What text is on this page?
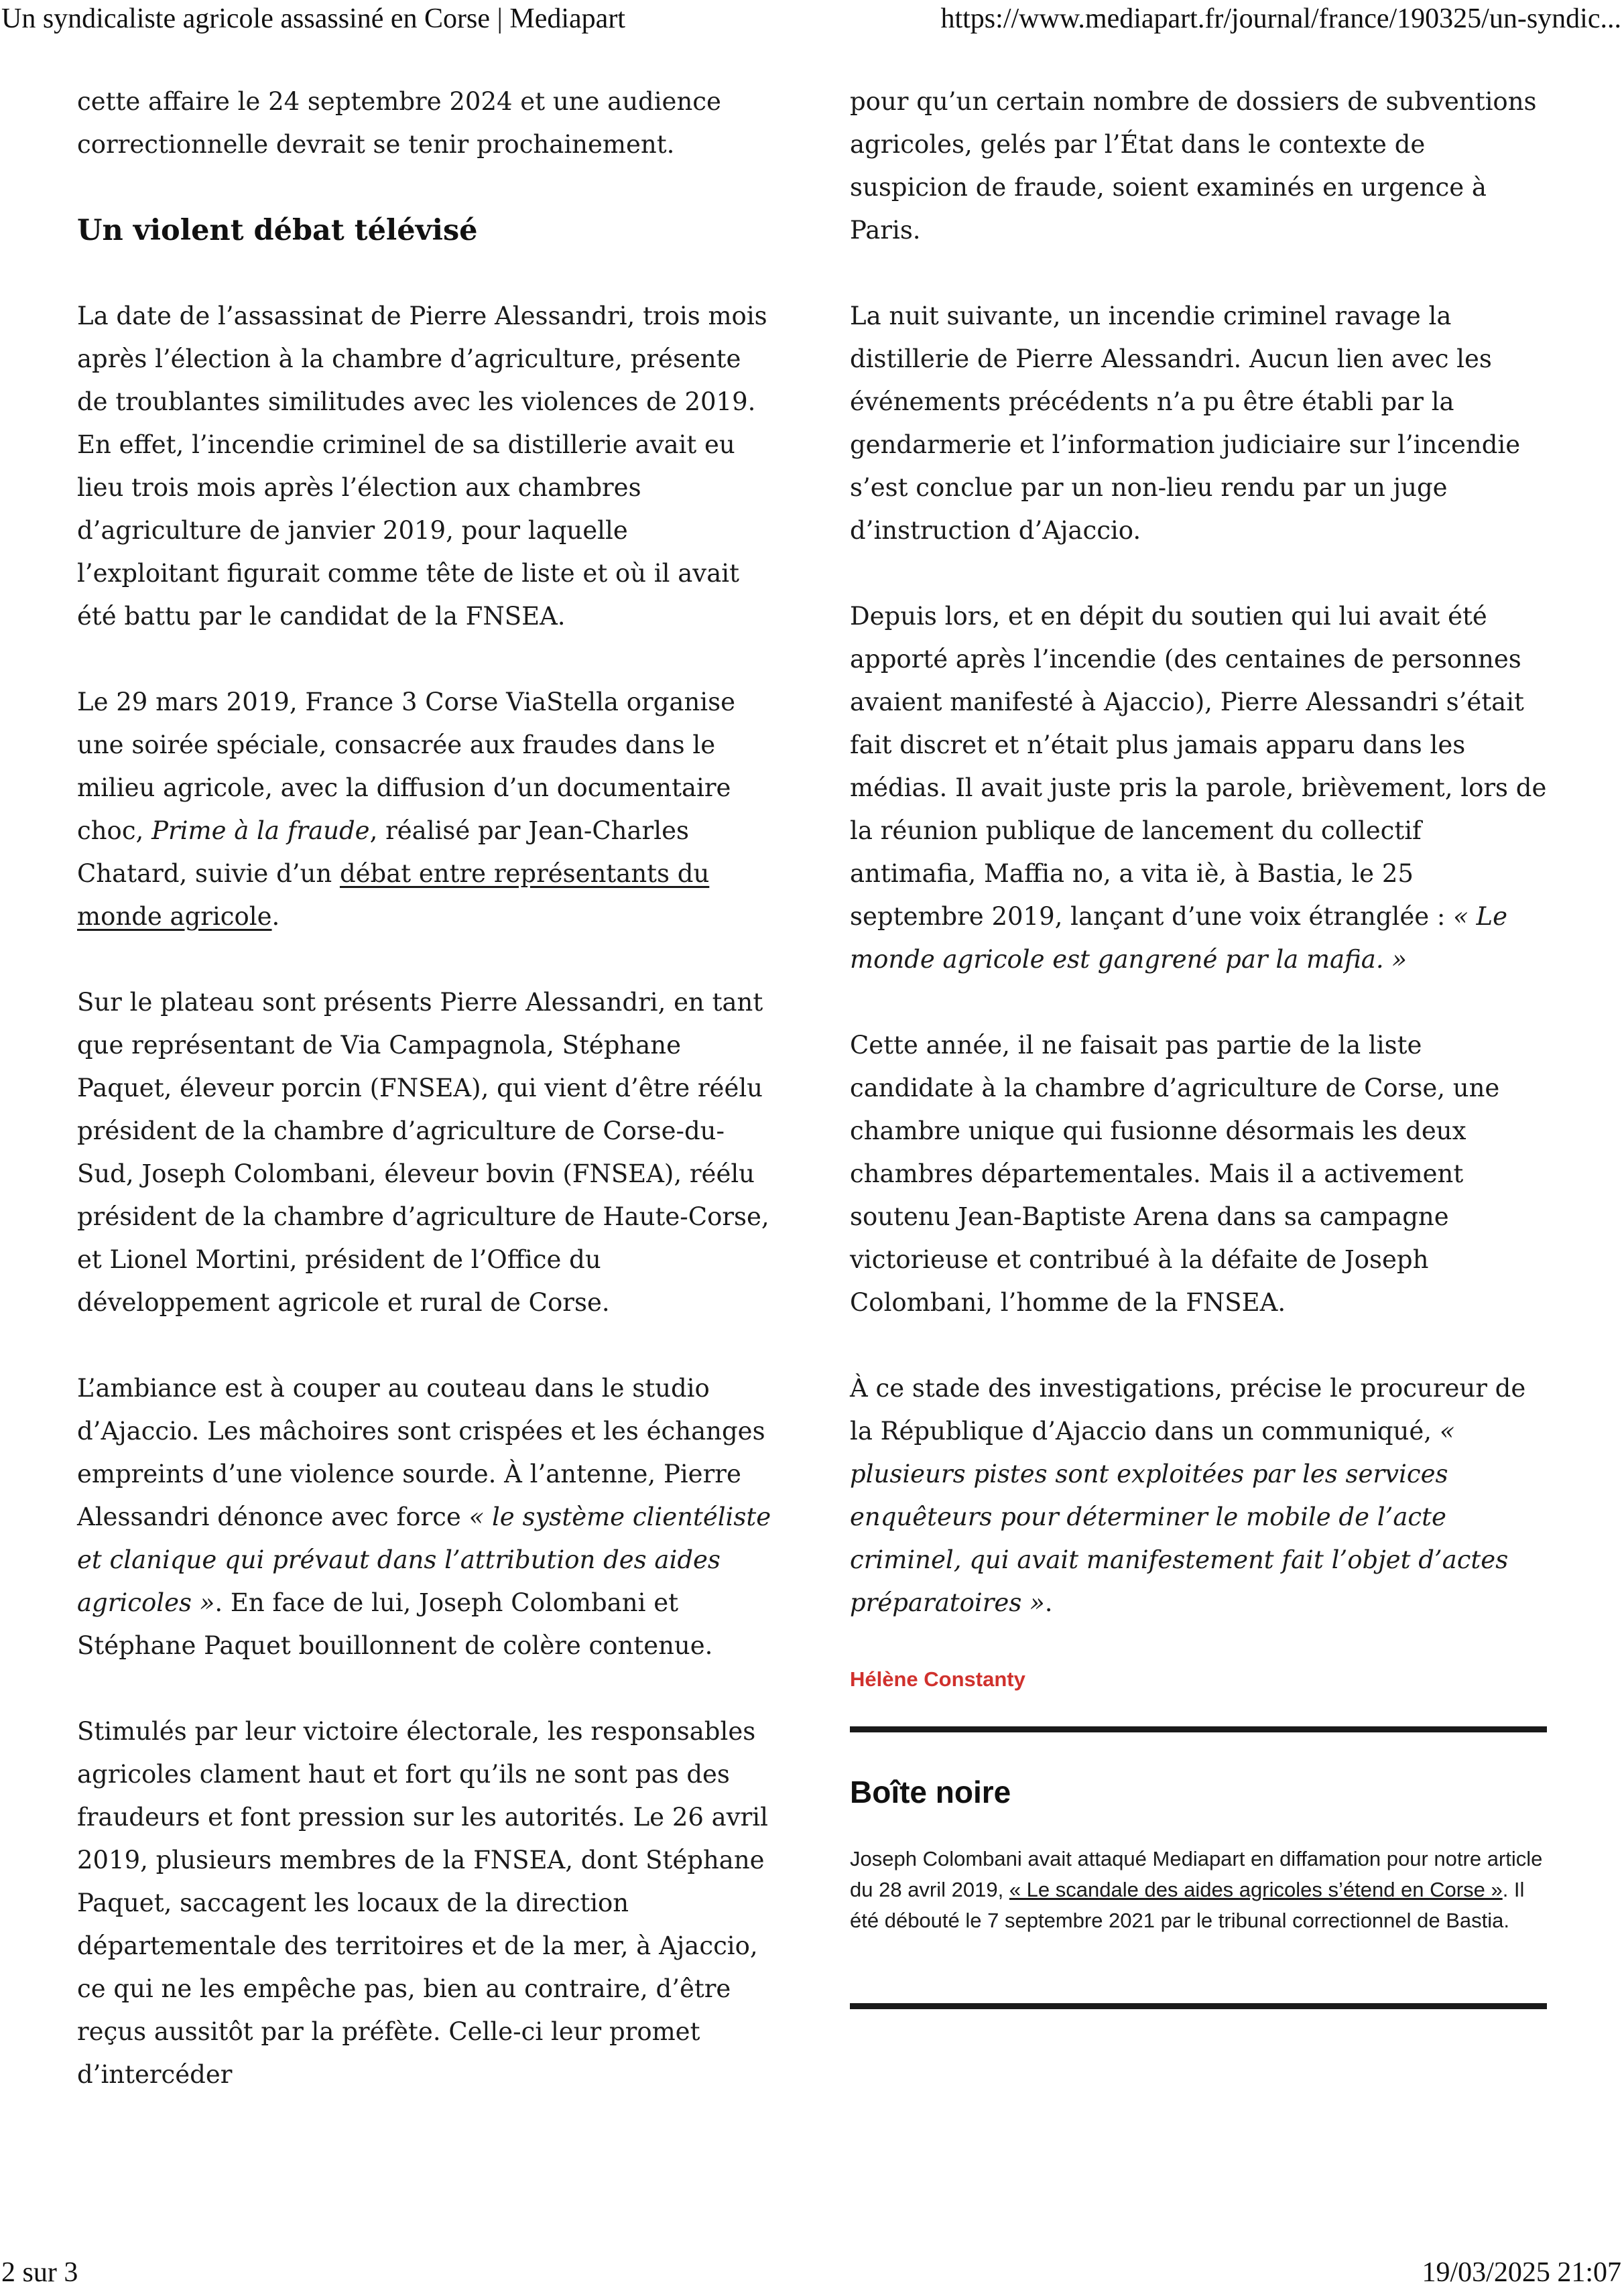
Un syndicaliste agricole assassiné en Corse | Mediapart	https://www.mediapart.fr/journal/france/190325/un-syndic...

cette affaire le 24 septembre 2024 et une audience correctionnelle devrait se tenir prochainement.

Un violent débat télévisé

La date de l’assassinat de Pierre Alessandri, trois mois après l’élection à la chambre d’agriculture, présente de troublantes similitudes avec les violences de 2019. En effet, l’incendie criminel de sa distillerie avait eu lieu trois mois après l’élection aux chambres d’agriculture de janvier 2019, pour laquelle l’exploitant figurait comme tête de liste et où il avait été battu par le candidat de la FNSEA.

Le 29 mars 2019, France 3 Corse ViaStella organise une soirée spéciale, consacrée aux fraudes dans le milieu agricole, avec la diffusion d’un documentaire choc, Prime à la fraude, réalisé par Jean-Charles Chatard, suivie d’un débat entre représentants du monde agricole.

Sur le plateau sont présents Pierre Alessandri, en tant que représentant de Via Campagnola, Stéphane Paquet, éleveur porcin (FNSEA), qui vient d’être réélu président de la chambre d’agriculture de Corse-du-Sud, Joseph Colombani, éleveur bovin (FNSEA), réélu président de la chambre d’agriculture de Haute-Corse, et Lionel Mortini, président de l’Office du développement agricole et rural de Corse.

L’ambiance est à couper au couteau dans le studio d’Ajaccio. Les mâchoires sont crispées et les échanges empreints d’une violence sourde. À l’antenne, Pierre Alessandri dénonce avec force « le système clientéliste et clanique qui prévaut dans l’attribution des aides agricoles ». En face de lui, Joseph Colombani et Stéphane Paquet bouillonnent de colère contenue.

Stimulés par leur victoire électorale, les responsables agricoles clament haut et fort qu’ils ne sont pas des fraudeurs et font pression sur les autorités. Le 26 avril 2019, plusieurs membres de la FNSEA, dont Stéphane Paquet, saccagent les locaux de la direction départementale des territoires et de la mer, à Ajaccio, ce qui ne les empêche pas, bien au contraire, d’être reçus aussitôt par la préfète. Celle-ci leur promet d’intercéder

pour qu’un certain nombre de dossiers de subventions agricoles, gelés par l’État dans le contexte de suspicion de fraude, soient examinés en urgence à Paris.

La nuit suivante, un incendie criminel ravage la distillerie de Pierre Alessandri. Aucun lien avec les événements précédents n’a pu être établi par la gendarmerie et l’information judiciaire sur l’incendie s’est conclue par un non-lieu rendu par un juge d’instruction d’Ajaccio.

Depuis lors, et en dépit du soutien qui lui avait été apporté après l’incendie (des centaines de personnes avaient manifesté à Ajaccio), Pierre Alessandri s’était fait discret et n’était plus jamais apparu dans les médias. Il avait juste pris la parole, brièvement, lors de la réunion publique de lancement du collectif antimafia, Maffia no, a vita iè, à Bastia, le 25 septembre 2019, lançant d’une voix étranglée : « Le monde agricole est gangrené par la mafia. »

Cette année, il ne faisait pas partie de la liste candidate à la chambre d’agriculture de Corse, une chambre unique qui fusionne désormais les deux chambres départementales. Mais il a activement soutenu Jean-Baptiste Arena dans sa campagne victorieuse et contribué à la défaite de Joseph Colombani, l’homme de la FNSEA.

À ce stade des investigations, précise le procureur de la République d’Ajaccio dans un communiqué, « plusieurs pistes sont exploitées par les services enquêteurs pour déterminer le mobile de l’acte criminel, qui avait manifestement fait l’objet d’actes préparatoires ».

Hélène Constanty
Boîte noire

Joseph Colombani avait attaqué Mediapart en diffamation pour notre article du 28 avril 2019, « Le scandale des aides agricoles s’étend en Corse ». Il été débouté le 7 septembre 2021 par le tribunal correctionnel de Bastia.

2 sur 3	19/03/2025 21:07
